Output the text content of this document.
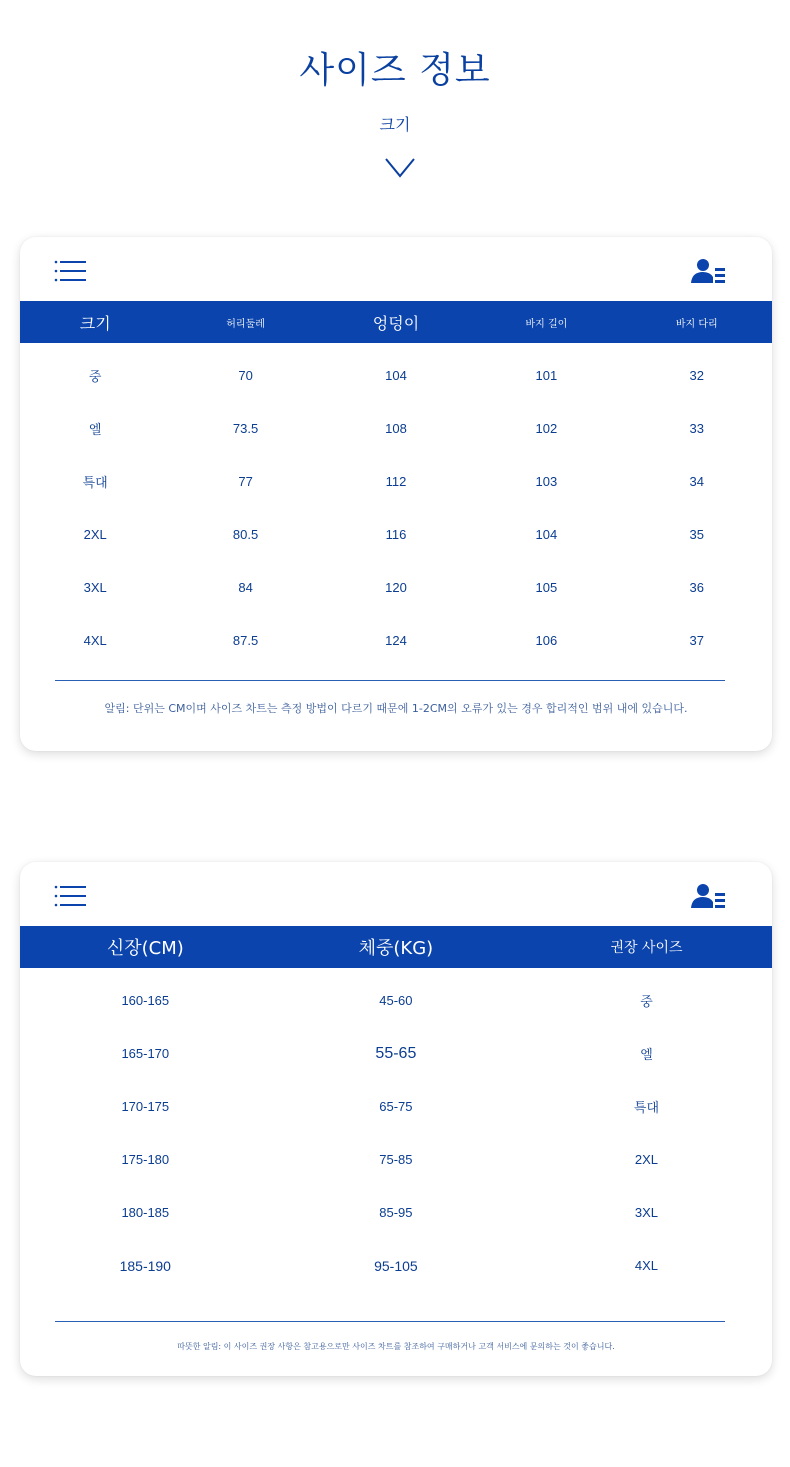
사이즈 정보
크기
크기	허리둘레	엉덩이	바지 길이	바지 다리
중	70	104	101	32
엘	73.5	108	102	33
특대	77	112	103	34
2XL	80.5	116	104	35
3XL	84	120	105	36
4XL	87.5	124	106	37
알림: 단위는 CM이며 사이즈 차트는 측정 방법이 다르기 때문에 1-2CM의 오류가 있는 경우 합리적인 범위 내에 있습니다.
신장(CM)	체중(KG)	권장 사이즈
160-165	45-60	중
165-170	55-65	엘
170-175	65-75	특대
175-180	75-85	2XL
180-185	85-95	3XL
185-190	95-105	4XL
따뜻한 알림: 이 사이즈 권장 사항은 참고용으로만 사이즈 차트를 참조하여 구매하거나 고객 서비스에 문의하는 것이 좋습니다.
